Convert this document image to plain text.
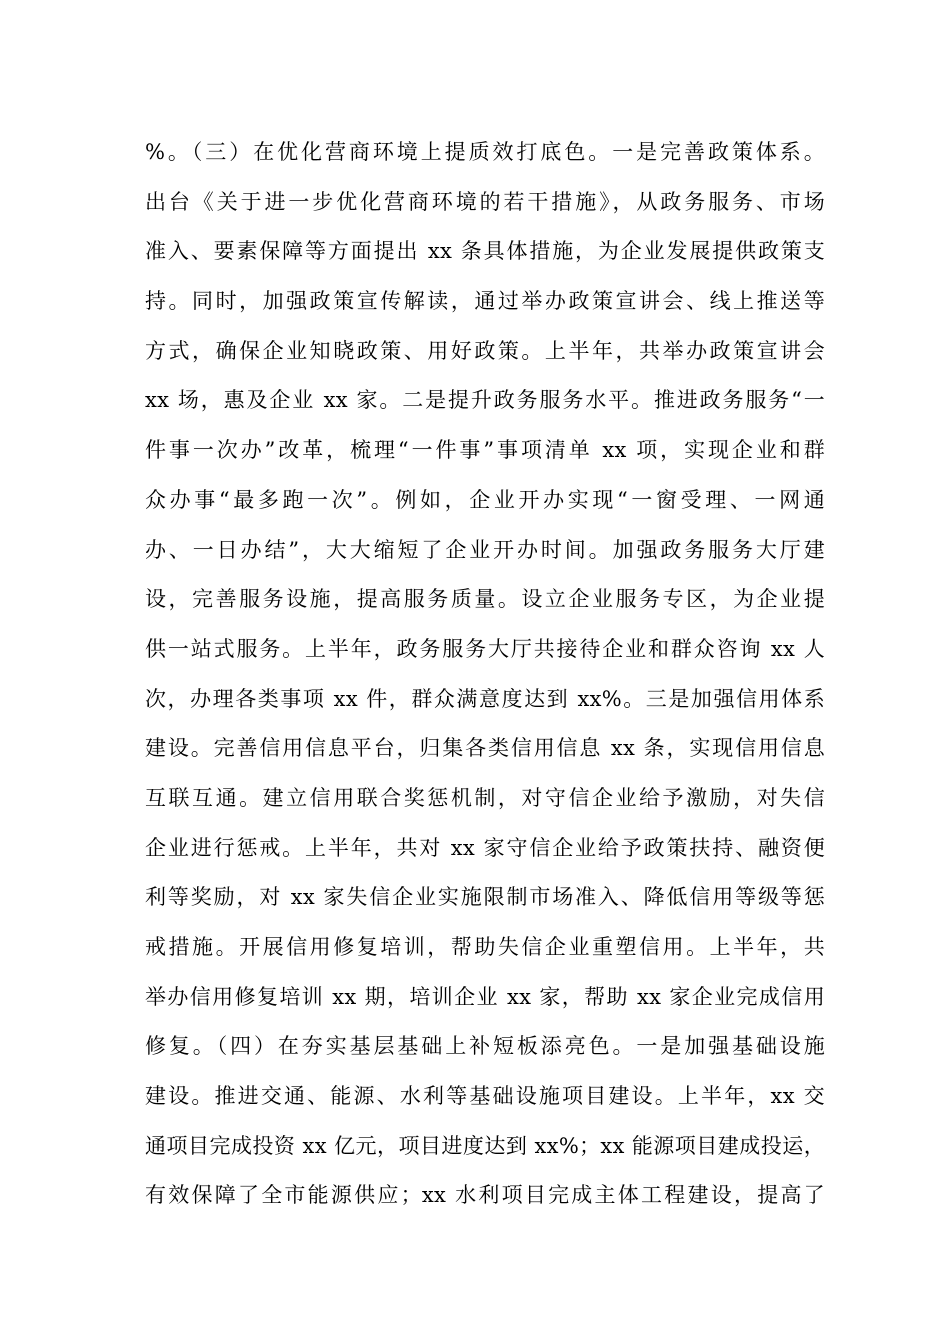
%。（三）在优化营商环境上提质效打底色。一是完善政策体系。
出台《关于进一步优化营商环境的若干措施》，从政务服务、市场
准入、要素保障等方面提出 xx 条具体措施，为企业发展提供政策支
持。同时，加强政策宣传解读，通过举办政策宣讲会、线上推送等
方式，确保企业知晓政策、用好政策。上半年，共举办政策宣讲会
xx 场，惠及企业 xx 家。二是提升政务服务水平。推进政务服务“一
件事一次办”改革，梳理“一件事”事项清单 xx 项，实现企业和群
众办事“最多跑一次”。例如，企业开办实现“一窗受理、一网通
办、一日办结”，大大缩短了企业开办时间。加强政务服务大厅建
设，完善服务设施，提高服务质量。设立企业服务专区，为企业提
供一站式服务。上半年，政务服务大厅共接待企业和群众咨询 xx 人
次，办理各类事项 xx 件，群众满意度达到 xx%。三是加强信用体系
建设。完善信用信息平台，归集各类信用信息 xx 条，实现信用信息
互联互通。建立信用联合奖惩机制，对守信企业给予激励，对失信
企业进行惩戒。上半年，共对 xx 家守信企业给予政策扶持、融资便
利等奖励，对 xx 家失信企业实施限制市场准入、降低信用等级等惩
戒措施。开展信用修复培训，帮助失信企业重塑信用。上半年，共
举办信用修复培训 xx 期，培训企业 xx 家，帮助 xx 家企业完成信用
修复。（四）在夯实基层基础上补短板添亮色。一是加强基础设施
建设。推进交通、能源、水利等基础设施项目建设。上半年，xx 交
通项目完成投资 xx 亿元，项目进度达到 xx%；xx 能源项目建成投运，
有效保障了全市能源供应；xx 水利项目完成主体工程建设，提高了
